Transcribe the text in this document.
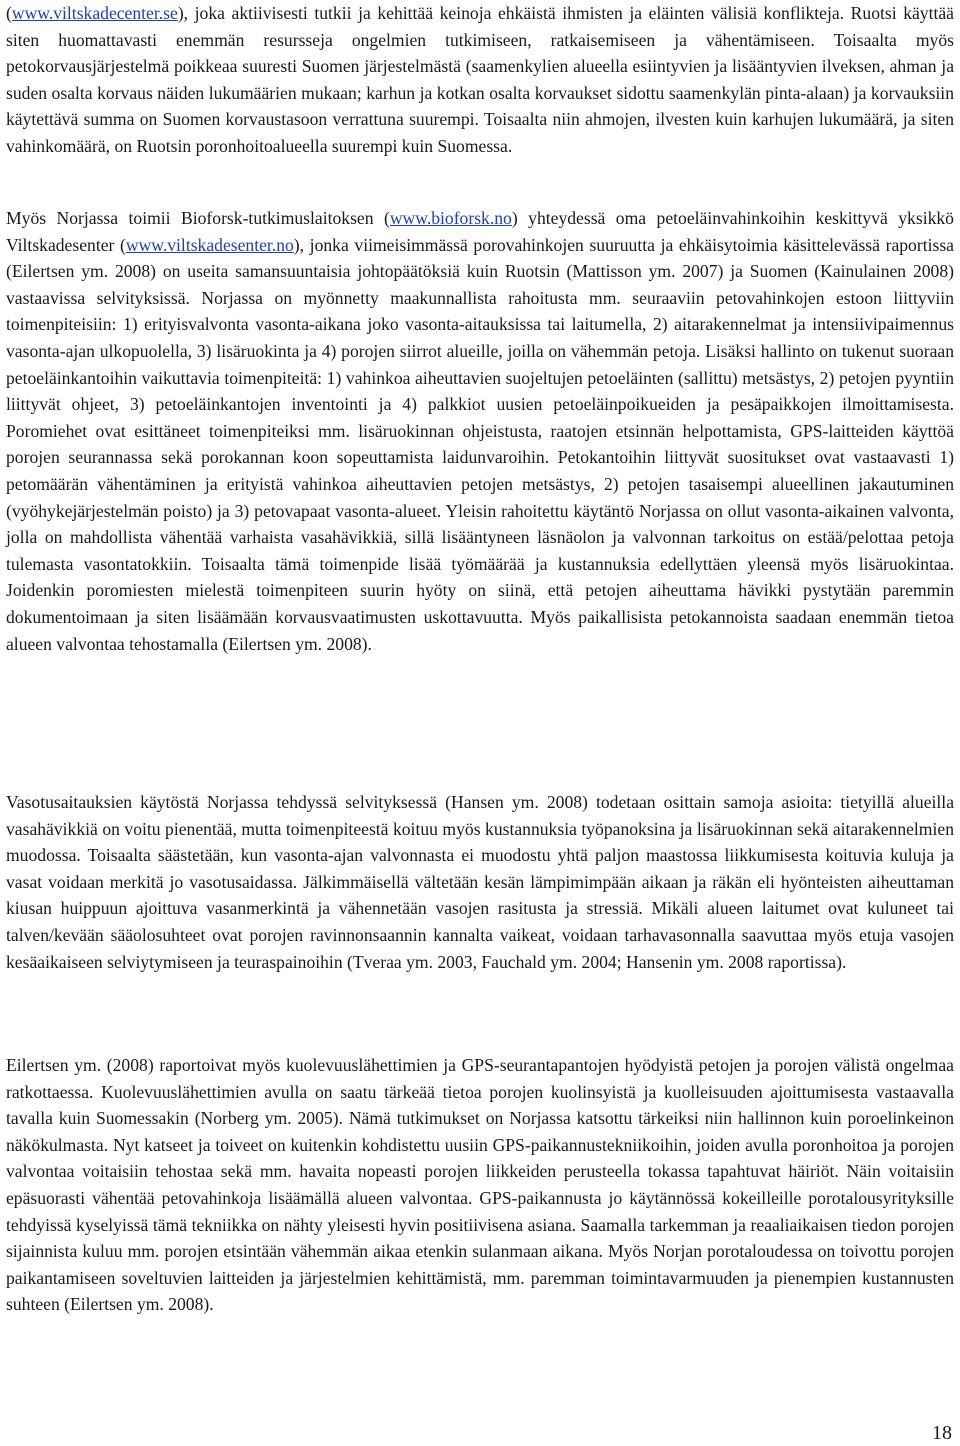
(www.viltskadecenter.se), joka aktiivisesti tutkii ja kehittää keinoja ehkäistä ihmisten ja eläinten välisiä konflikteja. Ruotsi käyttää siten huomattavasti enemmän resursseja ongelmien tutkimiseen, ratkaisemiseen ja vähentämiseen. Toisaalta myös petokorvausjärjestelmä poikkeaa suuresti Suomen järjestelmästä (saamenkylien alueella esiintyvien ja lisääntyvien ilveksen, ahman ja suden osalta korvaus näiden lukumäärien mukaan; karhun ja kotkan osalta korvaukset sidottu saamenkylän pinta-alaan) ja korvauksiin käytettävä summa on Suomen korvaustasoon verrattuna suurempi. Toisaalta niin ahmojen, ilvesten kuin karhujen lukumäärä, ja siten vahinkomäärä, on Ruotsin poronhoitoalueella suurempi kuin Suomessa.

Myös Norjassa toimii Bioforsk-tutkimuslaitoksen (www.bioforsk.no) yhteydessä oma petoeläinvahinkoihin keskittyvä yksikkö Viltskadesenter (www.viltskadesenter.no), jonka viimeisimmässä porovahinkojen suuruutta ja ehkäisytoimia käsittelevässä raportissa (Eilertsen ym. 2008) on useita samansuuntaisia johtopäätöksiä kuin Ruotsin (Mattisson ym. 2007) ja Suomen (Kainulainen 2008) vastaavissa selvityksissä. Norjassa on myönnetty maakunnallista rahoitusta mm. seuraaviin petovahinkojen estoon liittyviin toimenpiteisiin: 1) erityisvalvonta vasonta-aikana joko vasonta-aitauksissa tai laitumella, 2) aitarakennelmat ja intensiivipaimennus vasonta-ajan ulkopuolella, 3) lisäruokinta ja 4) porojen siirrot alueille, joilla on vähemmän petoja. Lisäksi hallinto on tukenut suoraan petoeläinkantoihin vaikuttavia toimenpiteitä: 1) vahinkoa aiheuttavien suojeltujen petoeläinten (sallittu) metsästys, 2) petojen pyyntiin liittyvät ohjeet, 3) petoeläinkantojen inventointi ja 4) palkkiot uusien petoeläinpoikueiden ja pesäpaikkojen ilmoittamisesta. Poromiehet ovat esittäneet toimenpiteiksi mm. lisäruokinnan ohjeistusta, raatojen etsinnän helpottamista, GPS-laitteiden käyttöä porojen seurannassa sekä porokannan koon sopeuttamista laidunvaroihin. Petokantoihin liittyvät suositukset ovat vastaavasti 1) petomäärän vähentäminen ja erityistä vahinkoa aiheuttavien petojen metsästys, 2) petojen tasaisempi alueellinen jakautuminen (vyöhykejärjestelmän poisto) ja 3) petovapaat vasonta-alueet. Yleisin rahoitettu käytäntö Norjassa on ollut vasonta-aikainen valvonta, jolla on mahdollista vähentää varhaista vasahävikkiä, sillä lisääntyneen läsnäolon ja valvonnan tarkoitus on estää/pelottaa petoja tulemasta vasontatokkiin. Toisaalta tämä toimenpide lisää työmäärää ja kustannuksia edellyttäen yleensä myös lisäruokintaa. Joidenkin poromiesten mielestä toimenpiteen suurin hyöty on siinä, että petojen aiheuttama hävikki pystytään paremmin dokumentoimaan ja siten lisäämään korvausvaatimusten uskottavuutta. Myös paikallisista petokannoista saadaan enemmän tietoa alueen valvontaa tehostamalla (Eilertsen ym. 2008).

Vasotusaitauksien käytöstä Norjassa tehdyssä selvityksessä (Hansen ym. 2008) todetaan osittain samoja asioita: tietyillä alueilla vasahävikkiä on voitu pienentää, mutta toimenpiteestä koituu myös kustannuksia työpanoksina ja lisäruokinnan sekä aitarakennelmien muodossa. Toisaalta säästetään, kun vasonta-ajan valvonnasta ei muodostu yhtä paljon maastossa liikkumisesta koituvia kuluja ja vasat voidaan merkitä jo vasotusaidassa. Jälkimmäisellä vältetään kesän lämpimimpään aikaan ja räkän eli hyönteisten aiheuttaman kiusan huippuun ajoittuva vasanmerkintä ja vähennetään vasojen rasitusta ja stressiä. Mikäli alueen laitumet ovat kuluneet tai talven/kevään sääolosuhteet ovat porojen ravinnonsaannin kannalta vaikeat, voidaan tarhavasonnalla saavuttaa myös etuja vasojen kesäaikaiseen selviytymiseen ja teuraspainoihin (Tveraa ym. 2003, Fauchald ym. 2004; Hansenin ym. 2008 raportissa).

Eilertsen ym. (2008) raportoivat myös kuolevuuslähettimien ja GPS-seurantapantojen hyödyistä petojen ja porojen välistä ongelmaa ratkottaessa. Kuolevuuslähettimien avulla on saatu tärkeää tietoa porojen kuolinsyistä ja kuolleisuuden ajoittumisesta vastaavalla tavalla kuin Suomessakin (Norberg ym. 2005). Nämä tutkimukset on Norjassa katsottu tärkeiksi niin hallinnon kuin poroelinkeinon näkökulmasta. Nyt katseet ja toiveet on kuitenkin kohdistettu uusiin GPS-paikannustekniikoihin, joiden avulla poronhoitoa ja porojen valvontaa voitaisiin tehostaa sekä mm. havaita nopeasti porojen liikkeiden perusteella tokassa tapahtuvat häiriöt. Näin voitaisiin epäsuorasti vähentää petovahinkoja lisäämällä alueen valvontaa. GPS-paikannusta jo käytännössä kokeilleille porotalousyrityksille tehdyissä kyselyissä tämä tekniikka on nähty yleisesti hyvin positiivisena asiana. Saamalla tarkemman ja reaaliaikaisen tiedon porojen sijainnista kuluu mm. porojen etsintään vähemmän aikaa etenkin sulanmaan aikana. Myös Norjan porotaloudessa on toivottu porojen paikantamiseen soveltuvien laitteiden ja järjestelmien kehittämistä, mm. paremman toimintavarmuuden ja pienempien kustannusten suhteen (Eilertsen ym. 2008).

18
